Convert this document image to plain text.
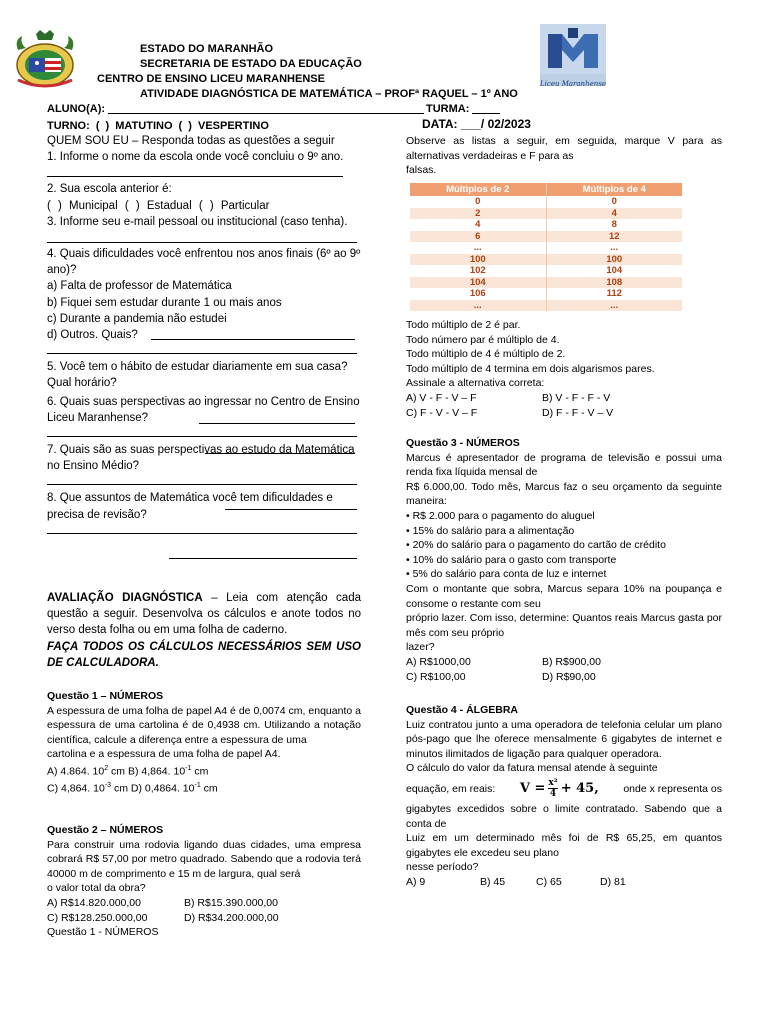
Liceu Maranhense
ESTADO DO MARANHÃO
SECRETARIA DE ESTADO DA EDUCAÇÃO
CENTRO DE ENSINO LICEU MARANHENSE
ATIVIDADE DIAGNÓSTICA DE MATEMÁTICA – PROFª RAQUEL – 1º ANO
ALUNO(A):	TURMA:
TURNO: ( ) MATUTINO ( ) VESPERTINO	DATA: ___/ 02/2023
QUEM SOU EU – Responda todas as questões a seguir
1. Informe o nome da escola onde você concluiu o 9º ano.
2. Sua escola anterior é:
( ) Municipal ( ) Estadual ( ) Particular
3. Informe seu e-mail pessoal ou institucional (caso tenha).
4. Quais dificuldades você enfrentou nos anos finais (6º ao 9º ano)?
a) Falta de professor de Matemática
b) Fiquei sem estudar durante 1 ou mais anos
c) Durante a pandemia não estudei
d) Outros. Quais?
5. Você tem o hábito de estudar diariamente em sua casa? Qual horário?
6. Quais suas perspectivas ao ingressar no Centro de Ensino Liceu Maranhense?
7. Quais são as suas perspectivas ao estudo da Matemática no Ensino Médio?
8. Que assuntos de Matemática você tem dificuldades e precisa de revisão?
AVALIAÇÃO DIAGNÓSTICA – Leia com atenção cada questão a seguir. Desenvolva os cálculos e anote todos no verso desta folha ou em uma folha de caderno.
FAÇA TODOS OS CÁLCULOS NECESSÁRIOS SEM USO DE CALCULADORA.
Questão 1 – NÚMEROS
A espessura de uma folha de papel A4 é de 0,0074 cm, enquanto a espessura de uma cartolina é de 0,4938 cm. Utilizando a notação científica, calcule a diferença entre a espessura de uma
cartolina e a espessura de uma folha de papel A4.
A) 4.864. $10^2$ cm B) 4,864. $10^{-1}$ cm
C) 4,864. $10^{-3}$ cm D) 0,4864. $10^{-1}$ cm
Questão 2 – NÚMEROS
Para construir uma rodovia ligando duas cidades, uma empresa cobrará R$ 57,00 por metro quadrado. Sabendo que a rodovia terá 40000 m de comprimento e 15 m de largura, qual será
o valor total da obra?
A) R$14.820.000,00	B) R$15.390.000,00
C) R$128.250.000,00	D) R$34.200.000,00
Questão 1 - NÚMEROS
Observe as listas a seguir, em seguida, marque V para as alternativas verdadeiras e F para as
falsas.
Múltiplos de 2	Múltiplos de 4
0	0
2	4
4	8
6	12
...	...
100	100
102	104
104	108
106	112
...	...
Todo múltiplo de 2 é par.
Todo número par é múltiplo de 4.
Todo múltiplo de 4 é múltiplo de 2.
Todo múltiplo de 4 termina em dois algarismos pares.
Assinale a alternativa correta:
A) V - F - V – F	B) V - F - F - V
C) F - V - V – F	D) F - F - V – V
Questão 3 - NÚMEROS
Marcus é apresentador de programa de televisão e possui uma renda fixa líquida mensal de
R$ 6.000,00. Todo mês, Marcus faz o seu orçamento da seguinte maneira:
• R$ 2.000 para o pagamento do aluguel
• 15% do salário para a alimentação
• 20% do salário para o pagamento do cartão de crédito
• 10% do salário para o gasto com transporte
• 5% do salário para conta de luz e internet
Com o montante que sobra, Marcus separa 10% na poupança e consome o restante com seu
próprio lazer. Com isso, determine: Quantos reais Marcus gasta por mês com seu próprio
lazer?
A) R$1000,00	B) R$900,00
C) R$100,00	D) R$90,00
Questão 4 - ÁLGEBRA
Luiz contratou junto a uma operadora de telefonia celular um plano pós-pago que lhe oferece mensalmente 6 gigabytes de internet e minutos ilimitados de ligação para qualquer operadora.
O cálculo do valor da fatura mensal atende à seguinte
equação, em reais: $V = \frac{\text{x²}}{4} + 45$, onde x representa os
gigabytes excedidos sobre o limite contratado. Sabendo que a conta de
Luiz em um determinado mês foi de R$ 65,25, em quantos gigabytes ele excedeu seu plano
nesse período?
A) 9	B) 45	C) 65	D) 81
